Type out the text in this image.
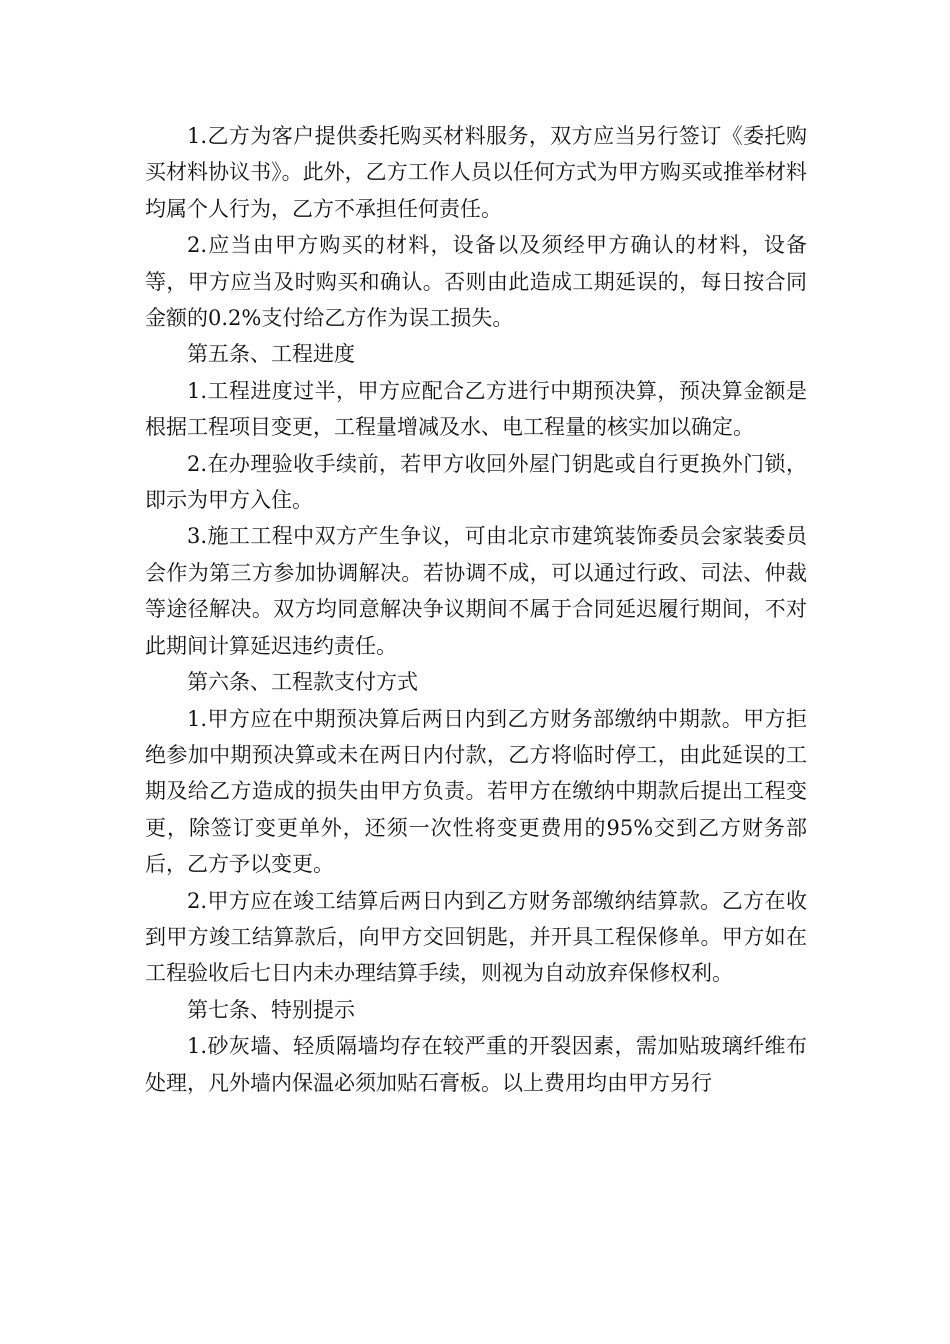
1.乙方为客户提供委托购买材料服务，双方应当另行签订《委托购买材料协议书》。此外，乙方工作人员以任何方式为甲方购买或推举材料均属个人行为，乙方不承担任何责任。

2.应当由甲方购买的材料，设备以及须经甲方确认的材料，设备等，甲方应当及时购买和确认。否则由此造成工期延误的，每日按合同金额的0.2%支付给乙方作为误工损失。

第五条、工程进度

1.工程进度过半，甲方应配合乙方进行中期预决算，预决算金额是根据工程项目变更，工程量增减及水、电工程量的核实加以确定。

2.在办理验收手续前，若甲方收回外屋门钥匙或自行更换外门锁，即示为甲方入住。

3.施工工程中双方产生争议，可由北京市建筑装饰委员会家装委员会作为第三方参加协调解决。若协调不成，可以通过行政、司法、仲裁等途径解决。双方均同意解决争议期间不属于合同延迟履行期间，不对此期间计算延迟违约责任。

第六条、工程款支付方式

1.甲方应在中期预决算后两日内到乙方财务部缴纳中期款。甲方拒绝参加中期预决算或未在两日内付款，乙方将临时停工，由此延误的工期及给乙方造成的损失由甲方负责。若甲方在缴纳中期款后提出工程变更，除签订变更单外，还须一次性将变更费用的95%交到乙方财务部后，乙方予以变更。

2.甲方应在竣工结算后两日内到乙方财务部缴纳结算款。乙方在收到甲方竣工结算款后，向甲方交回钥匙，并开具工程保修单。甲方如在工程验收后七日内未办理结算手续，则视为自动放弃保修权利。

第七条、特别提示

1.砂灰墙、轻质隔墙均存在较严重的开裂因素，需加贴玻璃纤维布处理，凡外墙内保温必须加贴石膏板。以上费用均由甲方另行
